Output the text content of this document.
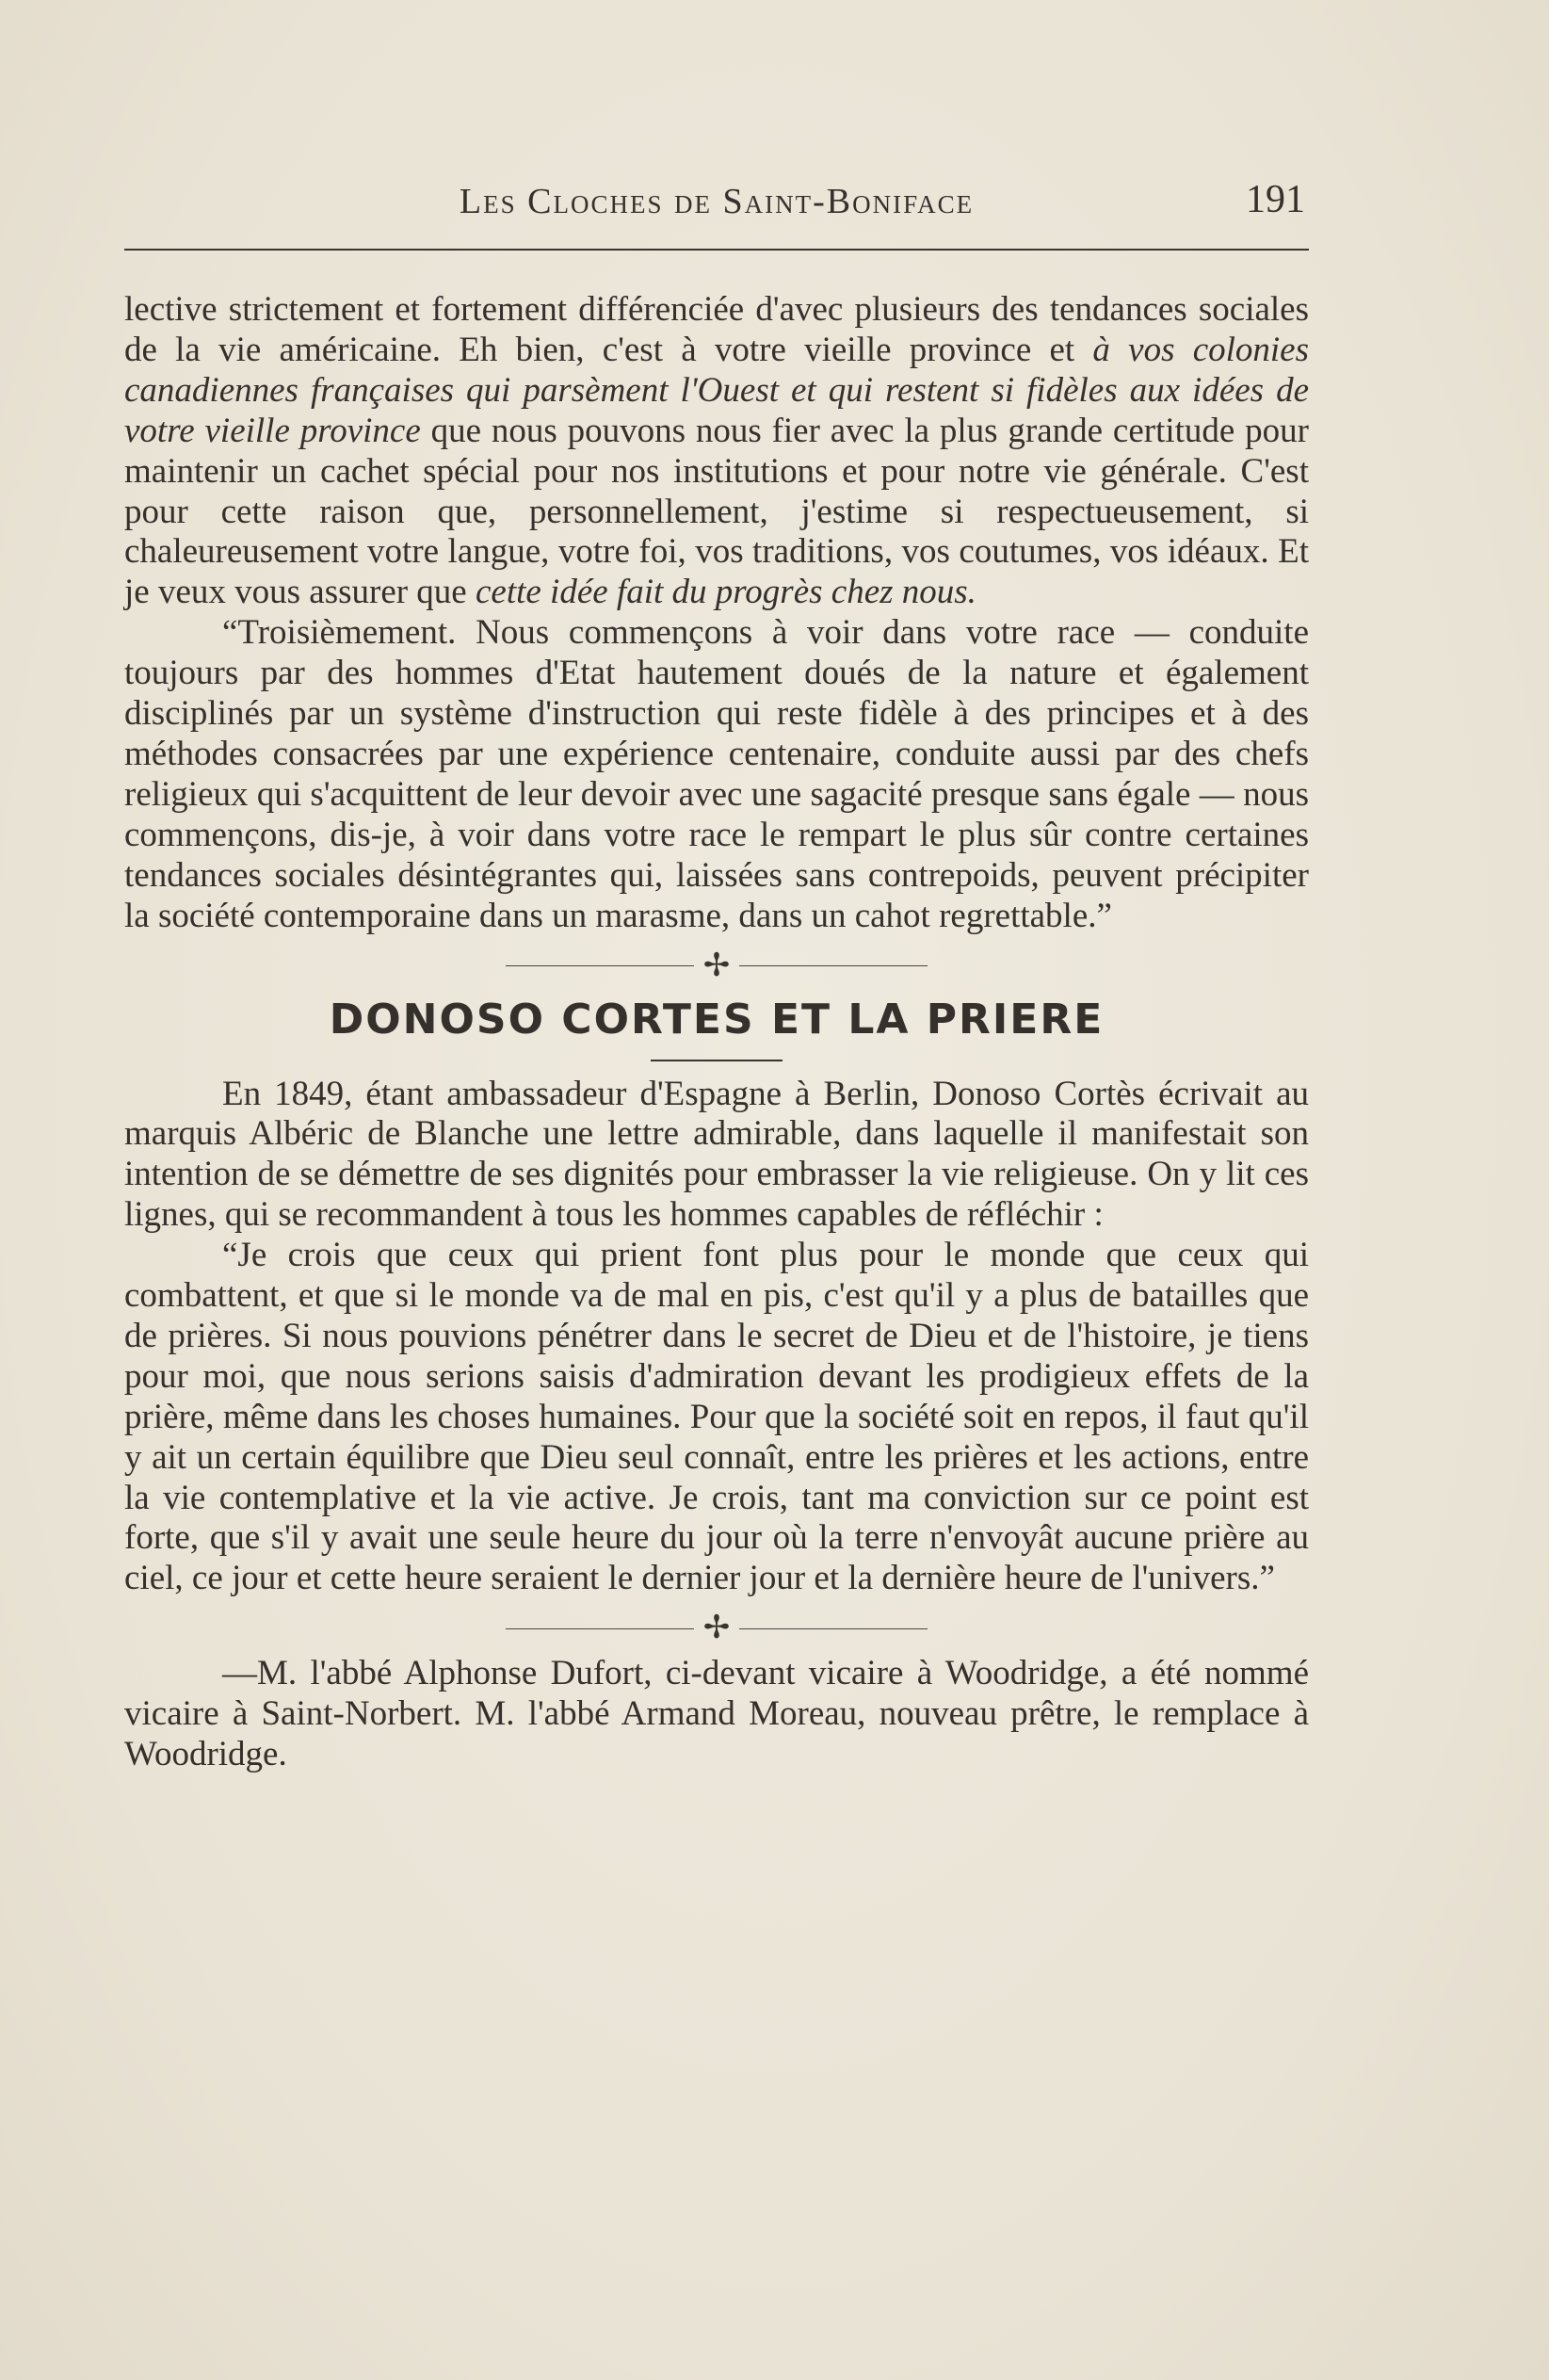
Les Cloches de Saint-Boniface	191

lective strictement et fortement différenciée d'avec plusieurs des tendances sociales de la vie américaine. Eh bien, c'est à votre vieille province et à vos colonies canadiennes françaises qui parsèment l'Ouest et qui restent si fidèles aux idées de votre vieille province que nous pouvons nous fier avec la plus grande certitude pour maintenir un cachet spécial pour nos institutions et pour notre vie générale. C'est pour cette raison que, personnellement, j'estime si respectueusement, si chaleureusement votre langue, votre foi, vos traditions, vos coutumes, vos idéaux. Et je veux vous assurer que cette idée fait du progrès chez nous.

“Troisièmement. Nous commençons à voir dans votre race — conduite toujours par des hommes d'Etat hautement doués de la nature et également disciplinés par un système d'instruction qui reste fidèle à des principes et à des méthodes consacrées par une expérience centenaire, conduite aussi par des chefs religieux qui s'acquittent de leur devoir avec une sagacité presque sans égale — nous commençons, dis-je, à voir dans votre race le rempart le plus sûr contre certaines tendances sociales désintégrantes qui, laissées sans contrepoids, peuvent précipiter la société contemporaine dans un marasme, dans un cahot regrettable.”

✢
DONOSO CORTES ET LA PRIERE

En 1849, étant ambassadeur d'Espagne à Berlin, Donoso Cortès écrivait au marquis Albéric de Blanche une lettre admirable, dans laquelle il manifestait son intention de se démettre de ses dignités pour embrasser la vie religieuse. On y lit ces lignes, qui se recommandent à tous les hommes capables de réfléchir :

“Je crois que ceux qui prient font plus pour le monde que ceux qui combattent, et que si le monde va de mal en pis, c'est qu'il y a plus de batailles que de prières. Si nous pouvions pénétrer dans le secret de Dieu et de l'histoire, je tiens pour moi, que nous serions saisis d'admiration devant les prodigieux effets de la prière, même dans les choses humaines. Pour que la société soit en repos, il faut qu'il y ait un certain équilibre que Dieu seul connaît, entre les prières et les actions, entre la vie contemplative et la vie active. Je crois, tant ma conviction sur ce point est forte, que s'il y avait une seule heure du jour où la terre n'envoyât aucune prière au ciel, ce jour et cette heure seraient le dernier jour et la dernière heure de l'univers.”

✢

—M. l'abbé Alphonse Dufort, ci-devant vicaire à Woodridge, a été nommé vicaire à Saint-Norbert. M. l'abbé Armand Moreau, nouveau prêtre, le remplace à Woodridge.
